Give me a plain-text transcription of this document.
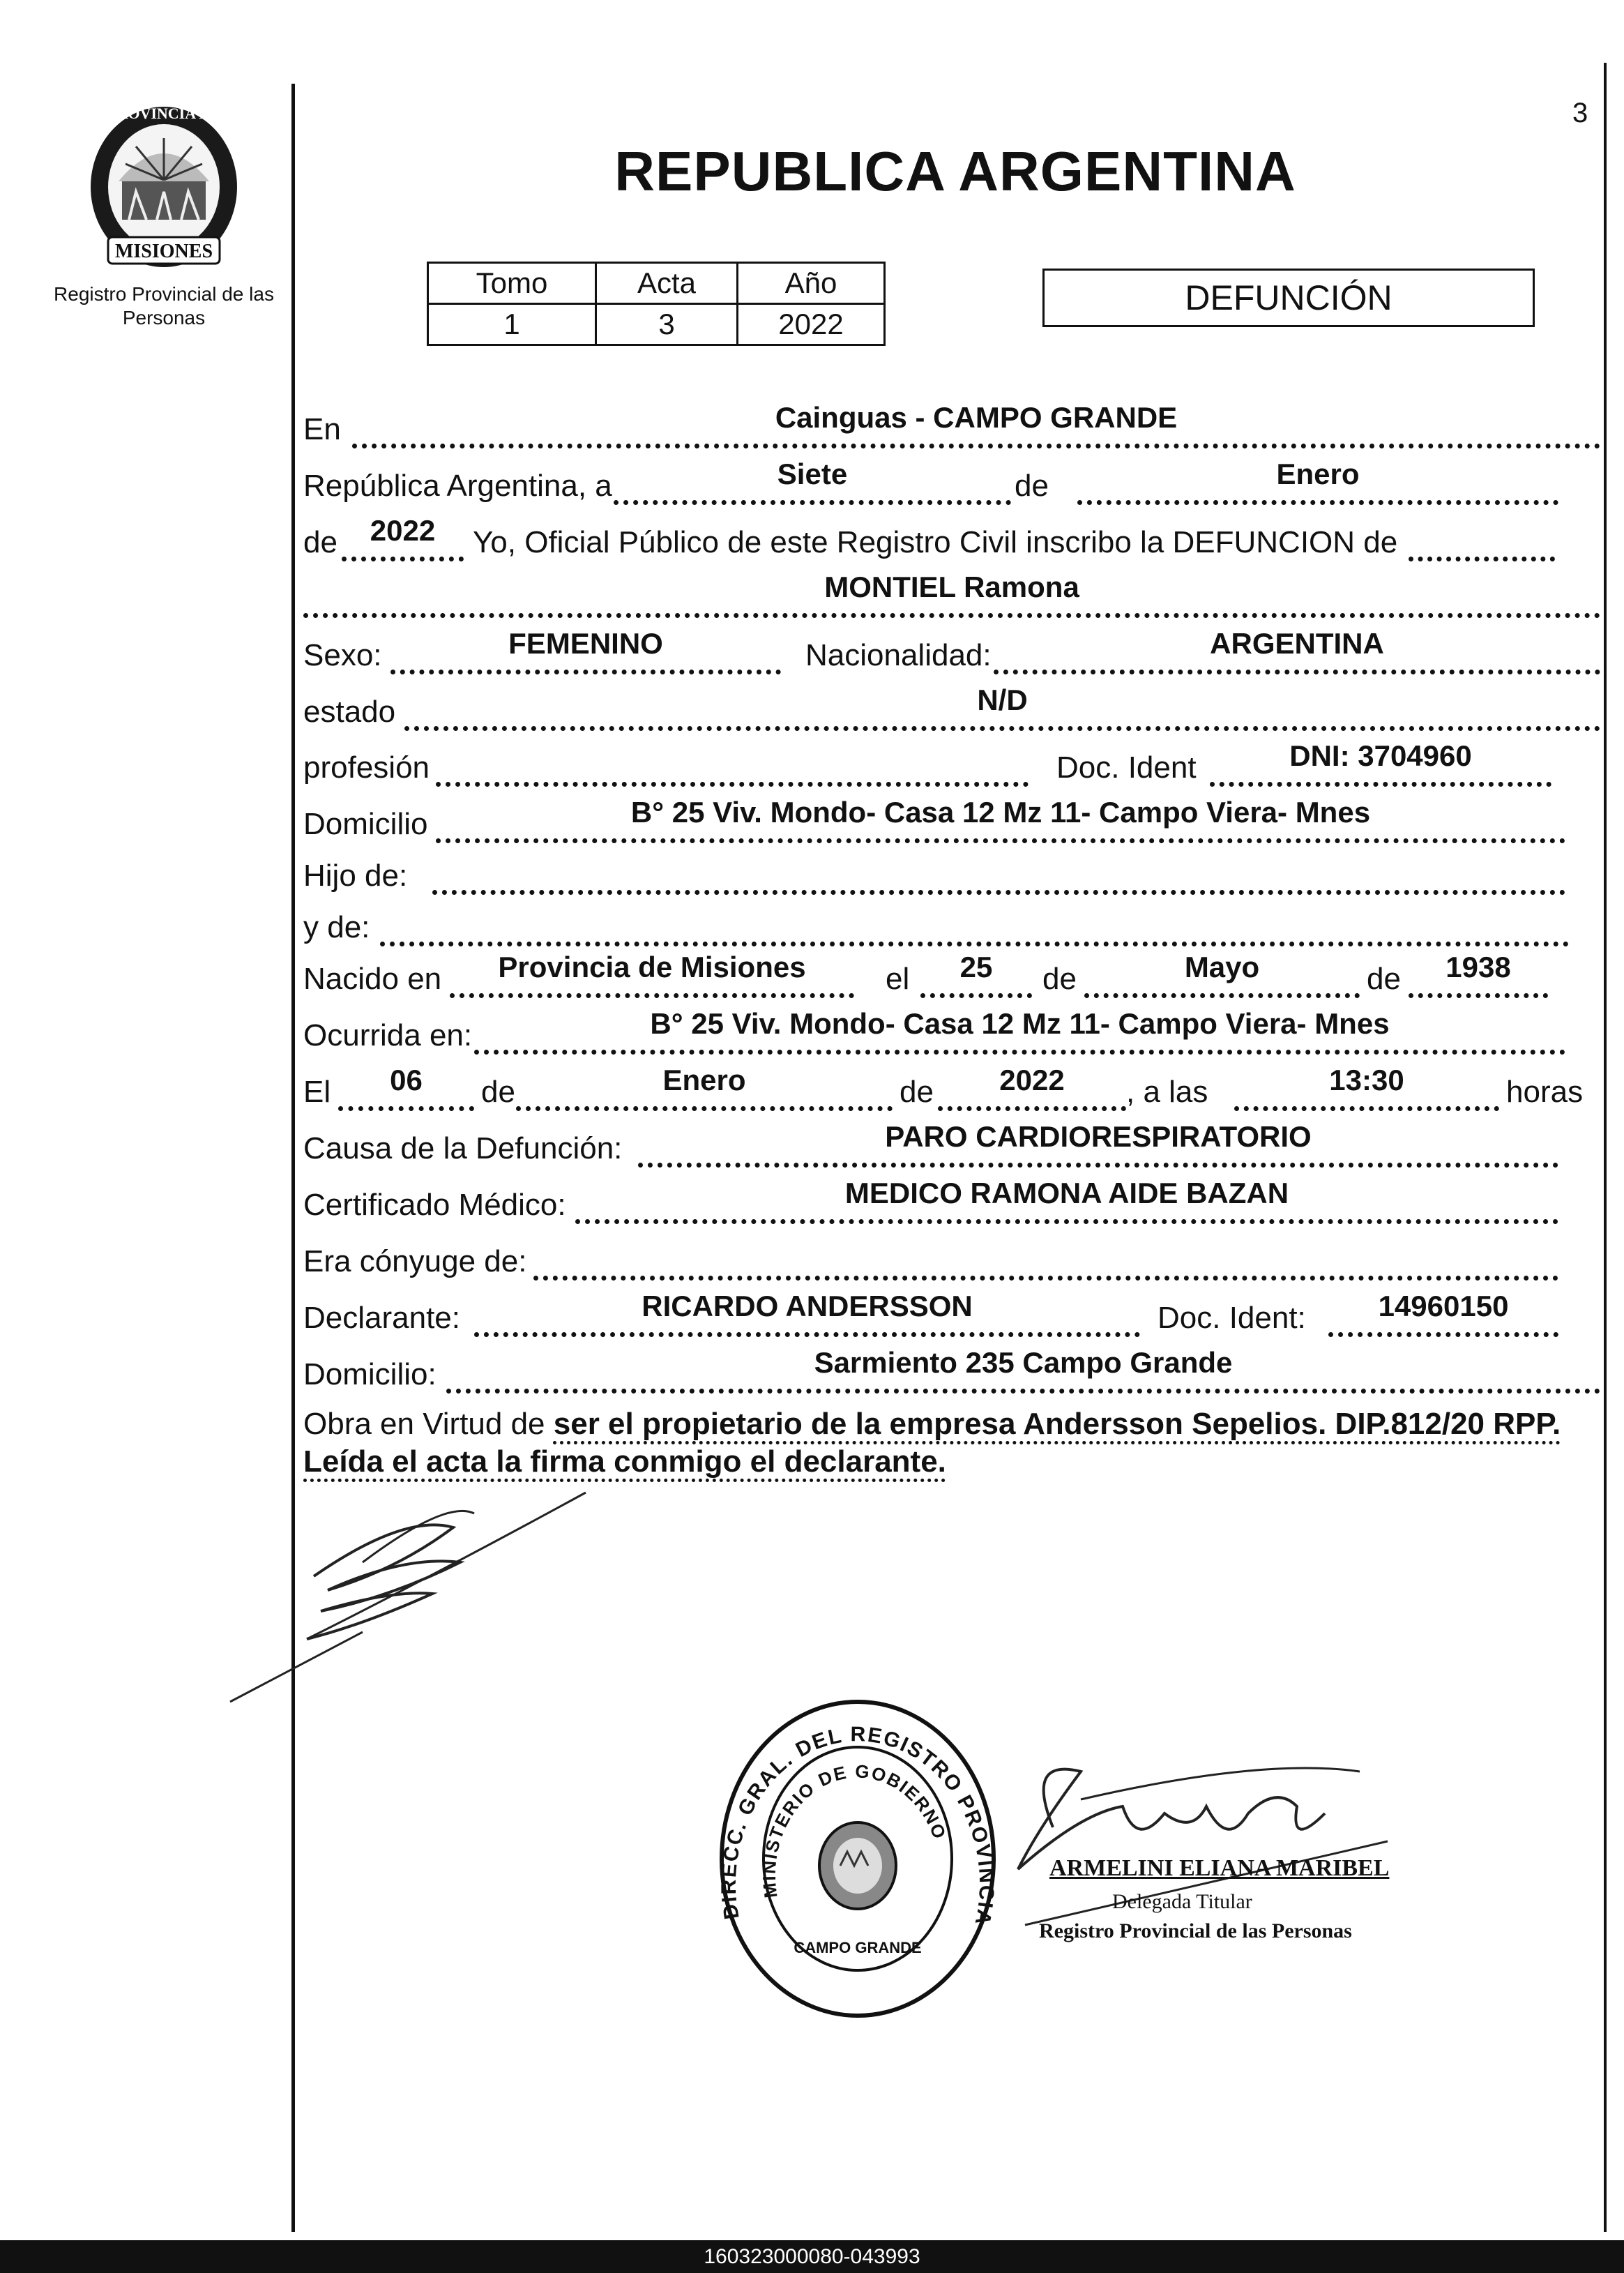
MISIONES
PROVINCIA DE
Registro Provincial de las Personas
3
REPUBLICA ARGENTINA
Tomo	Acta	Año
1	3	2022
DEFUNCIÓN
En	Cainguas - CAMPO GRANDE
República Argentina, a	Siete	de	Enero
de	2022	Yo, Oficial Público de este Registro Civil inscribo la DEFUNCION de
MONTIEL Ramona
Sexo:	FEMENINO	Nacionalidad:	ARGENTINA
estado	N/D
profesión	Doc. Ident	DNI: 3704960
Domicilio	B° 25 Viv. Mondo- Casa 12 Mz 11- Campo Viera- Mnes
Hijo de:
y de:
Nacido en	Provincia de Misiones	el	25	de	Mayo	de	1938
Ocurrida en:	B° 25 Viv. Mondo- Casa 12 Mz 11- Campo Viera- Mnes
El	06	de	Enero	de	2022	, a las	13:30	horas
Causa de la Defunción:	PARO CARDIORESPIRATORIO
Certificado Médico:	MEDICO RAMONA AIDE BAZAN
Era cónyuge de:
Declarante:	RICARDO ANDERSSON	Doc. Ident:	14960150
Domicilio:	Sarmiento 235 Campo Grande
Obra en Virtud de ser el propietario de la empresa Andersson Sepelios. DIP.812/20 RPP.
Leída el acta la firma conmigo el declarante.
DIRECC. GRAL. DEL REGISTRO PROVINCIA
MINISTERIO DE GOBIERNO
CAMPO GRANDE
ARMELINI ELIANA MARIBEL
Delegada Titular
Registro Provincial de las Personas
160323000080-043993
